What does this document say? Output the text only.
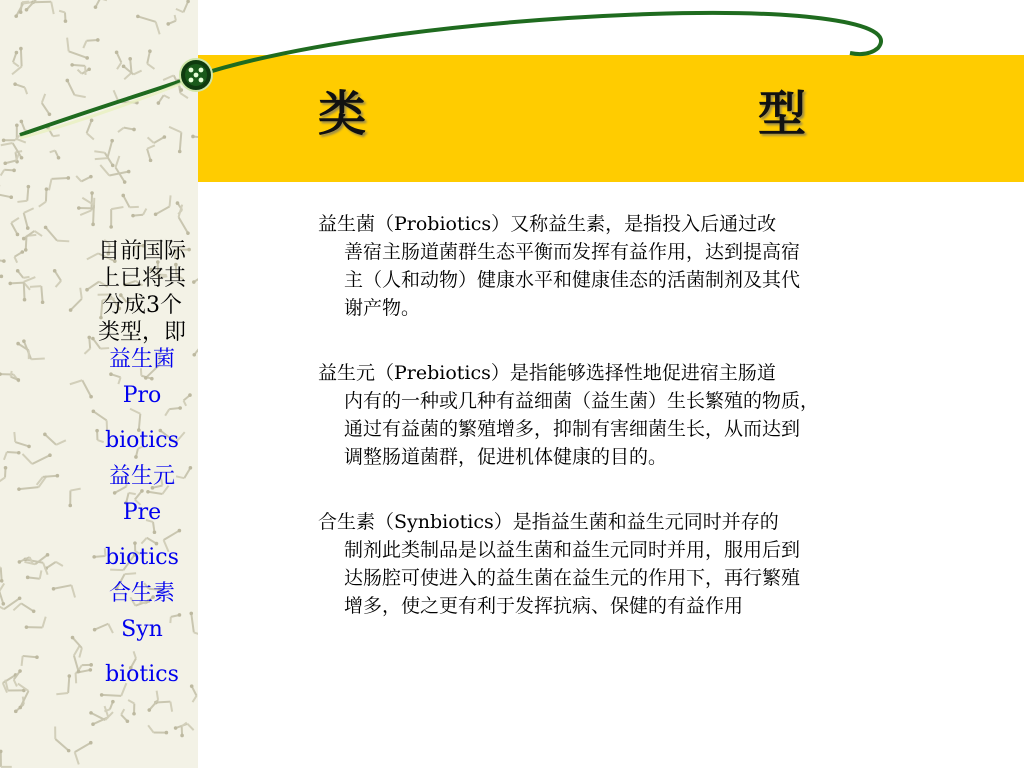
类	型
目前国际
上已将其
分成3个
类型，即
益生菌
Pro
biotics
益生元
Pre
biotics
合生素
Syn
biotics

益生菌（Probiotics）又称益生素，是指投入后通过改
善宿主肠道菌群生态平衡而发挥有益作用，达到提高宿
主（人和动物）健康水平和健康佳态的活菌制剂及其代
谢产物。

益生元（Prebiotics）是指能够选择性地促进宿主肠道
内有的一种或几种有益细菌（益生菌）生长繁殖的物质，
通过有益菌的繁殖增多，抑制有害细菌生长，从而达到
调整肠道菌群，促进机体健康的目的。

合生素（Synbiotics）是指益生菌和益生元同时并存的
制剂此类制品是以益生菌和益生元同时并用，服用后到
达肠腔可使进入的益生菌在益生元的作用下，再行繁殖
增多，使之更有利于发挥抗病、保健的有益作用
